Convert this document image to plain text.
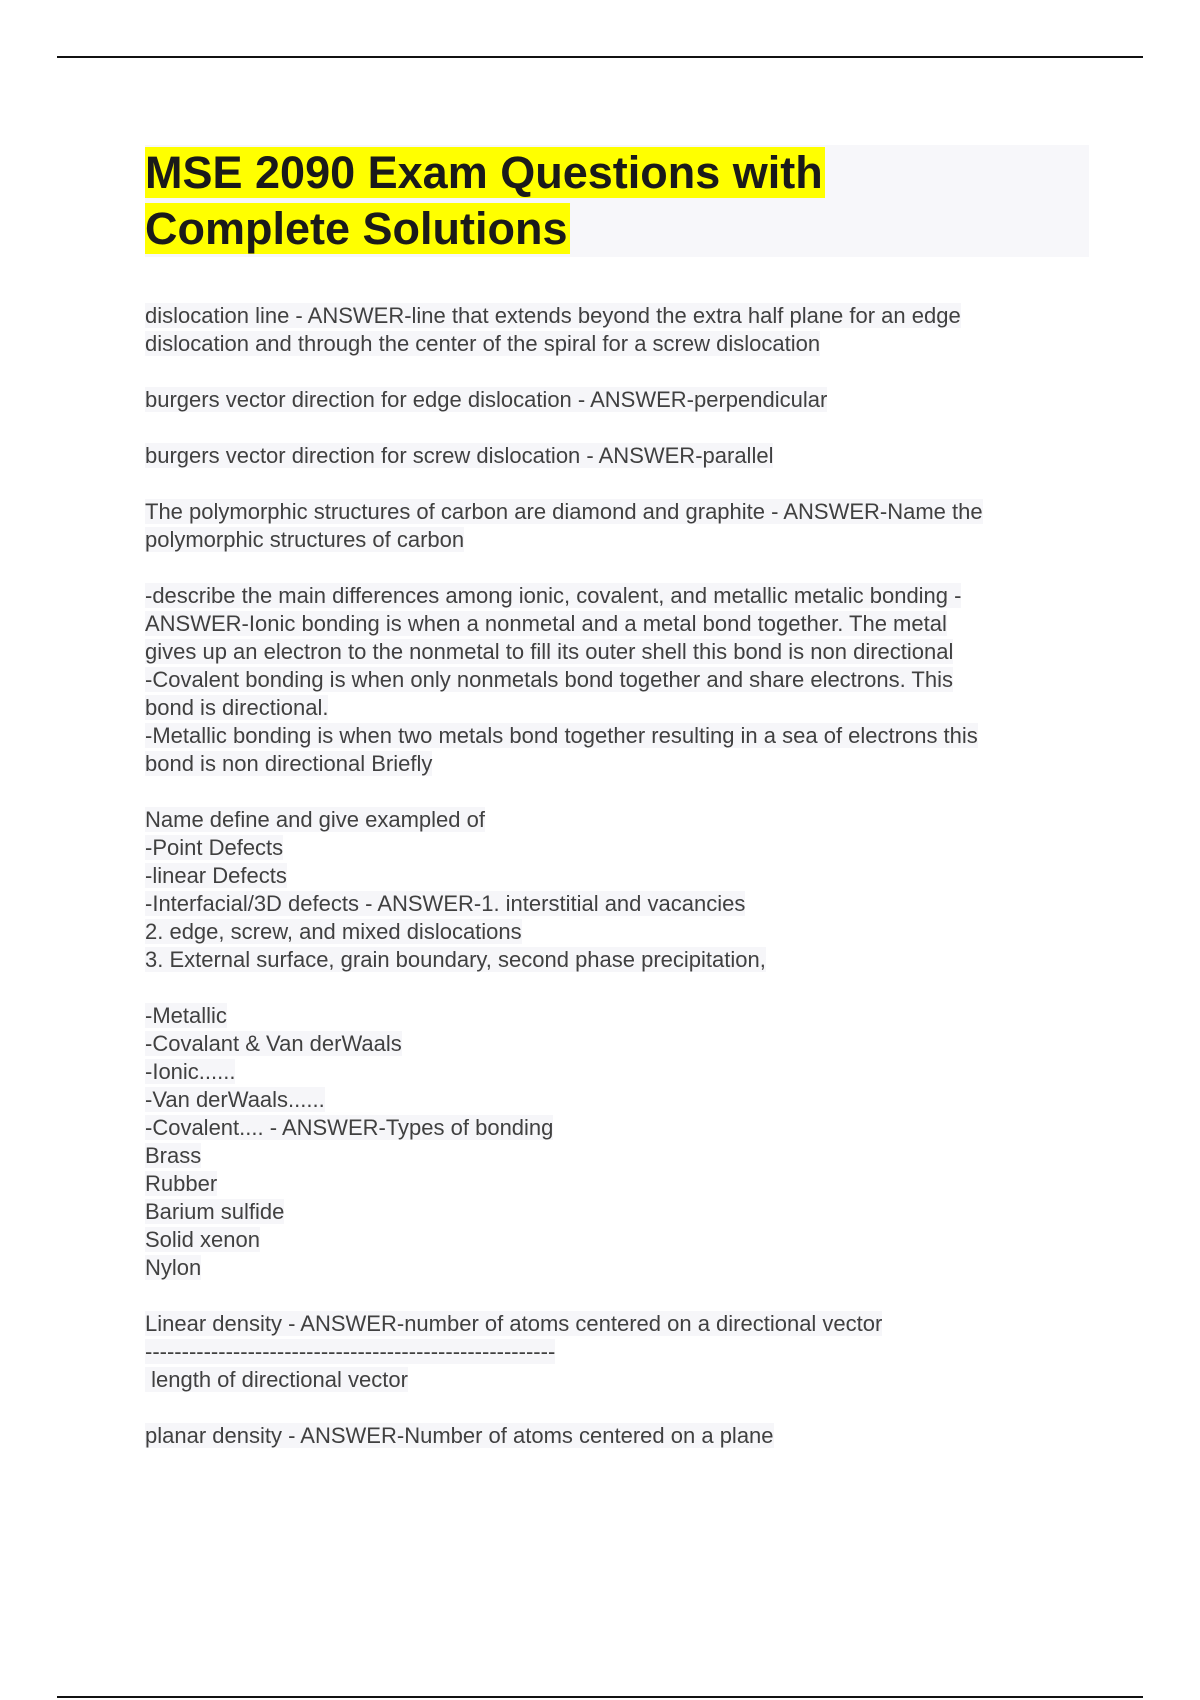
MSE 2090 Exam Questions with
Complete Solutions
dislocation line - ANSWER-line that extends beyond the extra half plane for an edge
dislocation and through the center of the spiral for a screw dislocation
burgers vector direction for edge dislocation - ANSWER-perpendicular
burgers vector direction for screw dislocation - ANSWER-parallel
The polymorphic structures of carbon are diamond and graphite - ANSWER-Name the
polymorphic structures of carbon
-describe the main differences among ionic, covalent, and metallic metalic bonding -
ANSWER-Ionic bonding is when a nonmetal and a metal bond together. The metal
gives up an electron to the nonmetal to fill its outer shell this bond is non directional
-Covalent bonding is when only nonmetals bond together and share electrons. This
bond is directional.
-Metallic bonding is when two metals bond together resulting in a sea of electrons this
bond is non directional Briefly
Name define and give exampled of
-Point Defects
-linear Defects
-Interfacial/3D defects - ANSWER-1. interstitial and vacancies
2. edge, screw, and mixed dislocations
3. External surface, grain boundary, second phase precipitation,
-Metallic
-Covalant & Van derWaals
-Ionic......
-Van derWaals......
-Covalent.... - ANSWER-Types of bonding
Brass
Rubber
Barium sulfide
Solid xenon
Nylon
Linear density - ANSWER-number of atoms centered on a directional vector
--------------------------------------------------------
length of directional vector
planar density - ANSWER-Number of atoms centered on a plane
